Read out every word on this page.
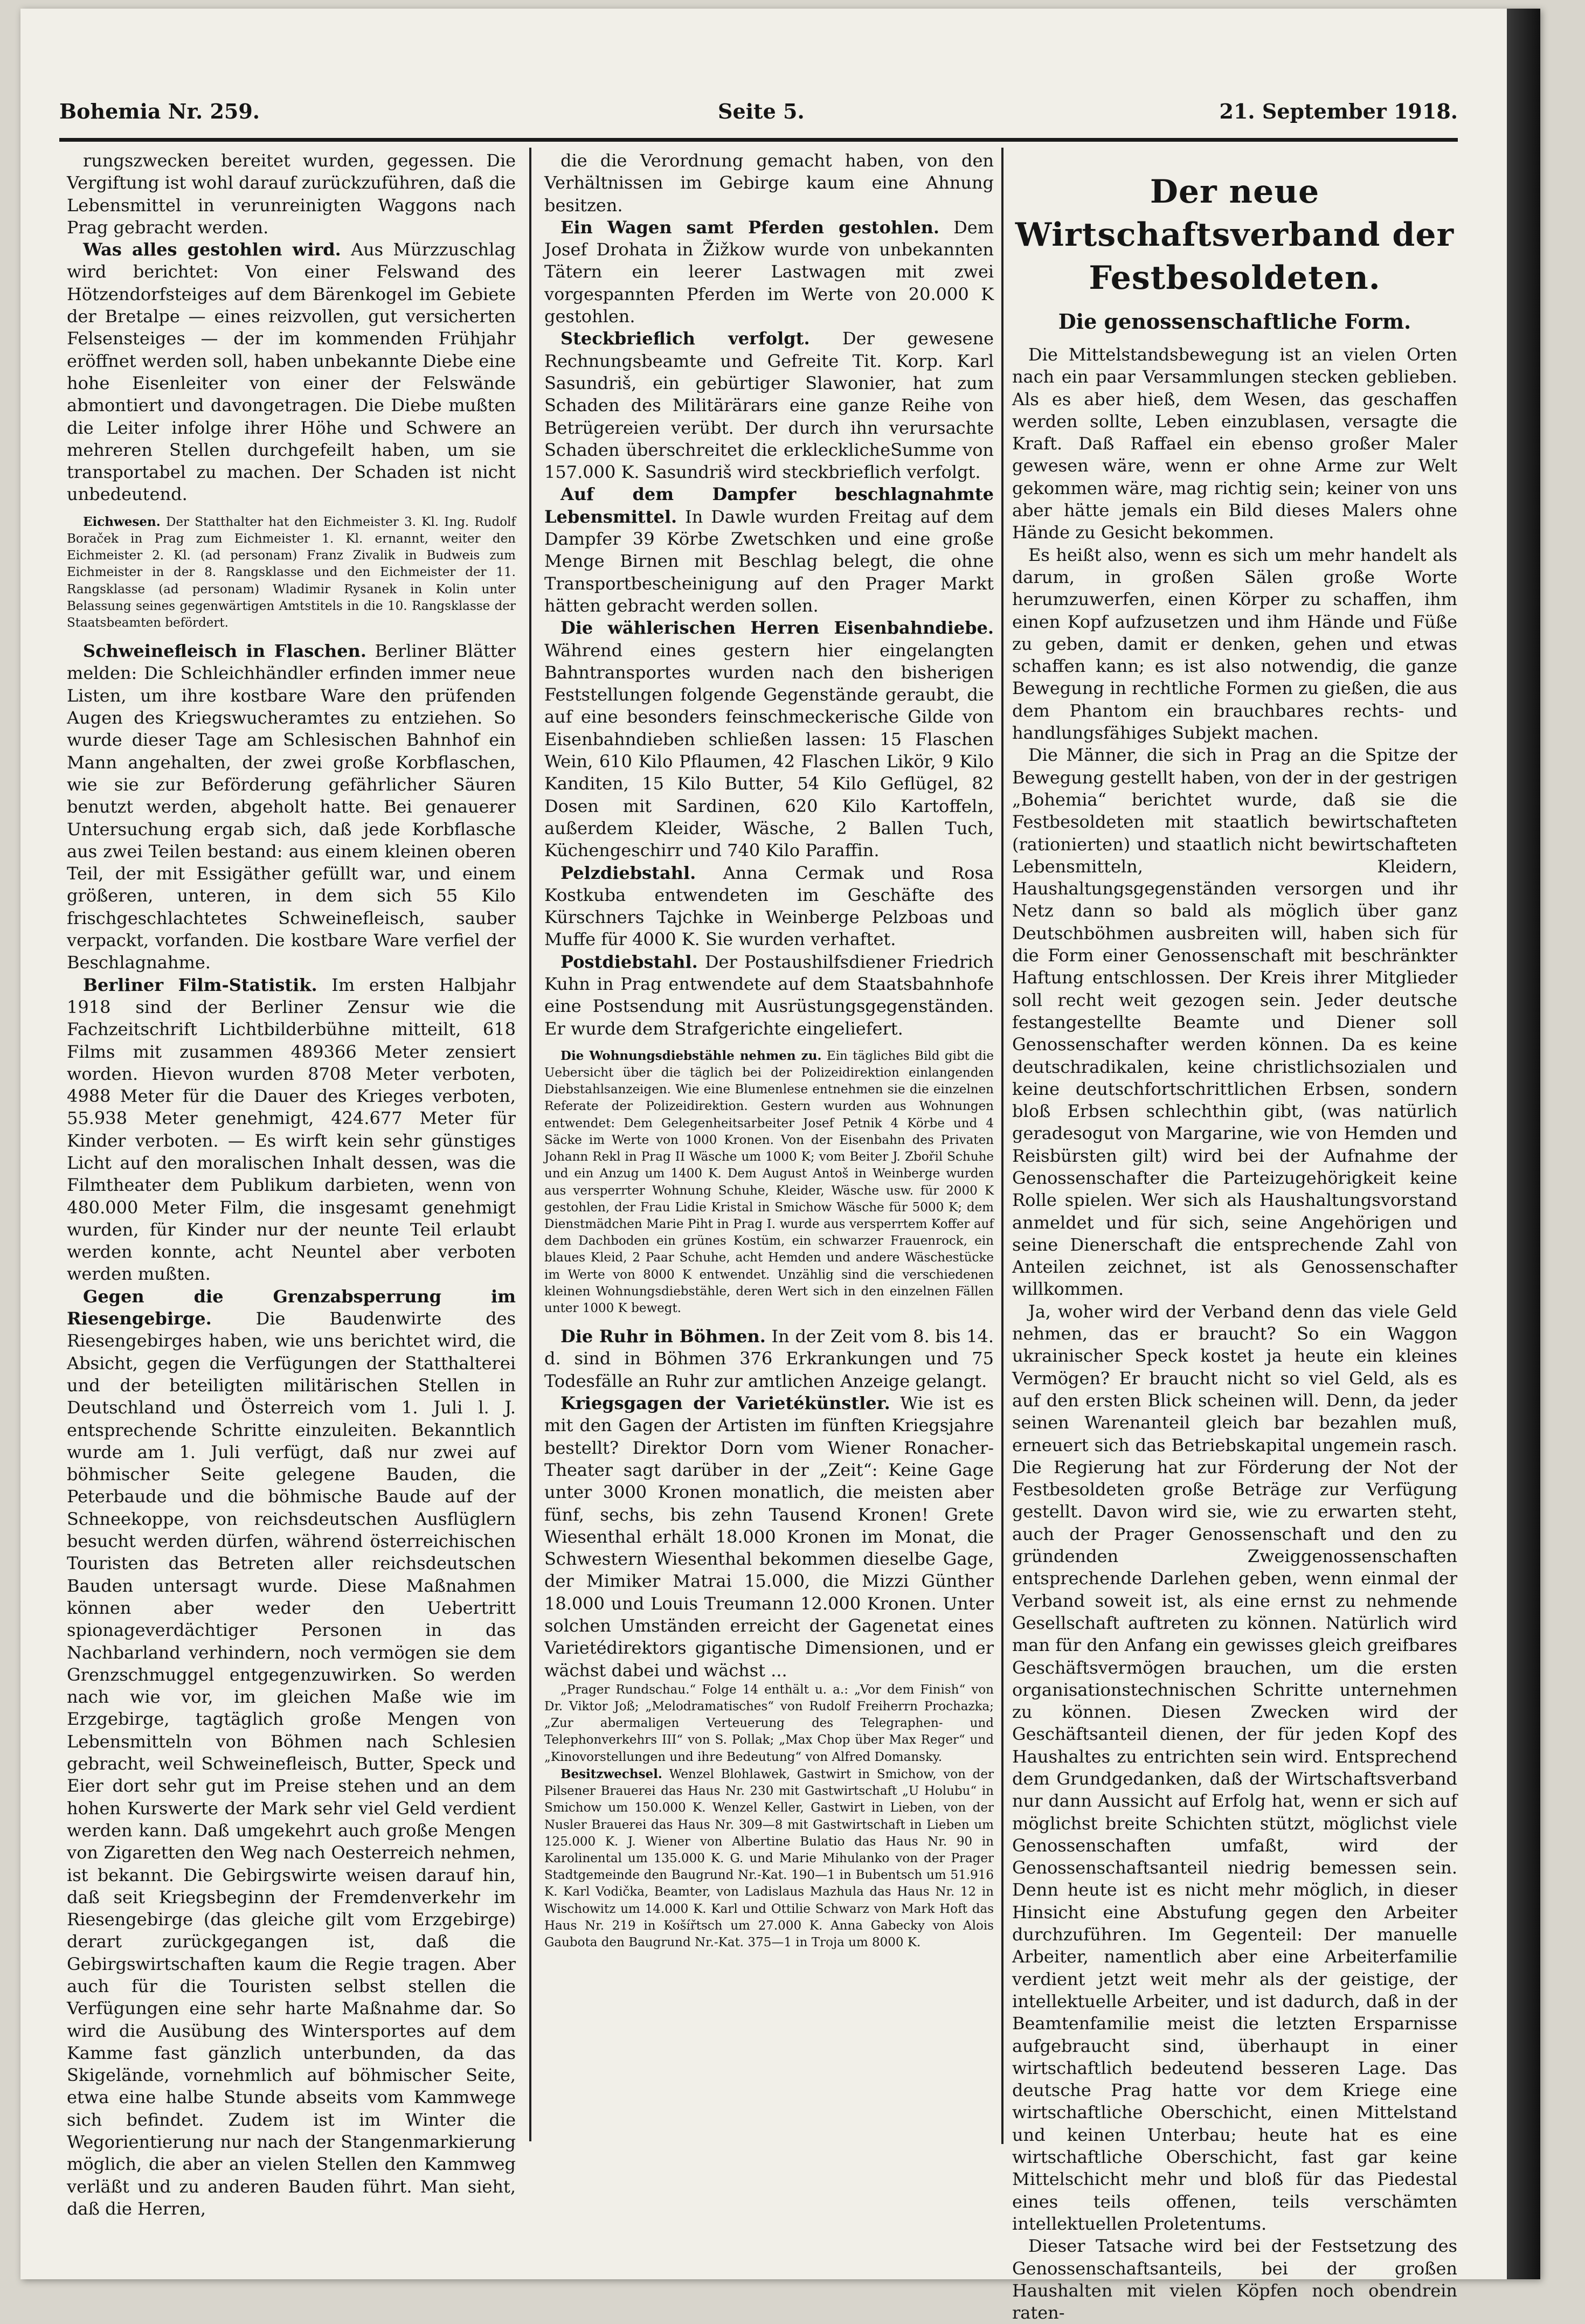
Bohemia Nr. 259.	Seite 5.	21. September 1918.

rungszwecken bereitet wurden, gegessen. Die Vergiftung ist wohl darauf zurückzuführen, daß die Lebensmittel in verunreinigten Waggons nach Prag gebracht werden.

Was alles gestohlen wird. Aus Mürzzuschlag wird berichtet: Von einer Felswand des Hötzendorfsteiges auf dem Bärenkogel im Gebiete der Bretalpe — eines reizvollen, gut versicherten Felsensteiges — der im kommenden Frühjahr eröffnet werden soll, haben unbekannte Diebe eine hohe Eisenleiter von einer der Felswände abmontiert und davongetragen. Die Diebe mußten die Leiter infolge ihrer Höhe und Schwere an mehreren Stellen durchgefeilt haben, um sie transportabel zu machen. Der Schaden ist nicht unbedeutend.

Eichwesen. Der Statthalter hat den Eichmeister 3. Kl. Ing. Rudolf Boraček in Prag zum Eichmeister 1. Kl. ernannt, weiter den Eichmeister 2. Kl. (ad personam) Franz Zivalik in Budweis zum Eichmeister in der 8. Rangsklasse und den Eichmeister der 11. Rangsklasse (ad personam) Wladimir Rysanek in Kolin unter Belassung seines gegenwärtigen Amtstitels in die 10. Rangsklasse der Staatsbeamten befördert.

Schweinefleisch in Flaschen. Berliner Blätter melden: Die Schleichhändler erfinden immer neue Listen, um ihre kostbare Ware den prüfenden Augen des Kriegswucheramtes zu entziehen. So wurde dieser Tage am Schlesischen Bahnhof ein Mann angehalten, der zwei große Korbflaschen, wie sie zur Beförderung gefährlicher Säuren benutzt werden, abgeholt hatte. Bei genauerer Untersuchung ergab sich, daß jede Korbflasche aus zwei Teilen bestand: aus einem kleinen oberen Teil, der mit Essigäther gefüllt war, und einem größeren, unteren, in dem sich 55 Kilo frischgeschlachtetes Schweinefleisch, sauber verpackt, vorfanden. Die kostbare Ware verfiel der Beschlagnahme.

Berliner Film-Statistik. Im ersten Halbjahr 1918 sind der Berliner Zensur wie die Fachzeitschrift Lichtbilderbühne mitteilt, 618 Films mit zusammen 489366 Meter zensiert worden. Hievon wurden 8708 Meter verboten, 4988 Meter für die Dauer des Krieges verboten, 55.938 Meter genehmigt, 424.677 Meter für Kinder verboten. — Es wirft kein sehr günstiges Licht auf den moralischen Inhalt dessen, was die Filmtheater dem Publikum darbieten, wenn von 480.000 Meter Film, die insgesamt genehmigt wurden, für Kinder nur der neunte Teil erlaubt werden konnte, acht Neuntel aber verboten werden mußten.

Gegen die Grenzabsperrung im Riesengebirge.	Die Baudenwirte des Riesengebirges haben, wie uns berichtet wird, die Absicht, gegen die Verfügungen der Statthalterei und der beteiligten militärischen Stellen in Deutschland und Österreich vom 1. Juli l. J. entsprechende Schritte einzuleiten. Bekanntlich wurde am 1. Juli verfügt, daß nur zwei auf böhmischer Seite gelegene Bauden, die Peterbaude und die böhmische Baude auf der Schneekoppe, von reichsdeutschen Ausflüglern besucht werden dürfen, während österreichischen Touristen das Betreten aller reichsdeutschen Bauden untersagt wurde. Diese Maßnahmen können aber weder den Uebertritt spionageverdächtiger Personen in das Nachbarland verhindern, noch vermögen sie dem Grenzschmuggel entgegenzuwirken. So werden nach wie vor, im gleichen Maße wie im Erzgebirge, tagtäglich große Mengen von Lebensmitteln von Böhmen nach Schlesien gebracht, weil Schweinefleisch, Butter, Speck und Eier dort sehr gut im Preise stehen und an dem hohen Kurswerte der Mark sehr viel Geld verdient werden kann. Daß umgekehrt auch große Mengen von Zigaretten den Weg nach Oesterreich nehmen, ist bekannt. Die Gebirgswirte weisen darauf hin, daß seit Kriegsbeginn der Fremdenverkehr im Riesengebirge (das gleiche gilt vom Erzgebirge) derart zurückgegangen ist, daß die Gebirgswirtschaften kaum die Regie tragen. Aber auch für die Touristen selbst stellen die Verfügungen eine sehr harte Maßnahme dar. So wird die Ausübung des Wintersportes auf dem Kamme fast gänzlich unterbunden, da das Skigelände, vornehmlich auf böhmischer Seite, etwa eine halbe Stunde abseits vom Kammwege sich befindet. Zudem ist im Winter die Wegorientierung nur nach der Stangenmarkierung möglich, die aber an vielen Stellen den Kammweg verläßt und zu anderen Bauden führt. Man sieht, daß die Herren,

die die Verordnung gemacht haben, von den Verhältnissen im Gebirge kaum eine Ahnung besitzen.

Ein Wagen samt Pferden gestohlen. Dem Josef Drohata in Žižkow wurde von unbekannten Tätern ein leerer Lastwagen mit zwei vorgespannten Pferden im Werte von 20.000 K gestohlen.

Steckbrieflich verfolgt. Der gewesene Rechnungsbeamte und Gefreite Tit. Korp. Karl Sasundriš, ein gebürtiger Slawonier, hat zum Schaden des Militärärars eine ganze Reihe von Betrügereien verübt. Der durch ihn verursachte Schaden überschreitet die erklecklicheSumme von 157.000 K. Sasundriš wird steckbrieflich verfolgt.

Auf dem Dampfer beschlagnahmte Lebensmittel. In Dawle wurden Freitag auf dem Dampfer 39 Körbe Zwetschken und eine große Menge Birnen mit Beschlag belegt, die ohne Transportbescheinigung auf den Prager Markt hätten gebracht werden sollen.

Die wählerischen Herren Eisenbahndiebe. Während eines gestern hier eingelangten Bahntransportes wurden nach den bisherigen Feststellungen folgende Gegenstände geraubt, die auf eine besonders feinschmeckerische Gilde von Eisenbahndieben schließen lassen: 15 Flaschen Wein, 610 Kilo Pflaumen, 42 Flaschen Likör, 9 Kilo Kanditen, 15 Kilo Butter, 54 Kilo Geflügel, 82 Dosen mit Sardinen, 620 Kilo Kartoffeln, außerdem Kleider, Wäsche, 2 Ballen Tuch, Küchengeschirr und 740 Kilo Paraffin.

Pelzdiebstahl. Anna Cermak und Rosa Kostkuba entwendeten im Geschäfte des Kürschners Tajchke in Weinberge Pelzboas und Muffe für 4000 K. Sie wurden verhaftet.

Postdiebstahl. Der Postaushilfsdiener Friedrich Kuhn in Prag entwendete auf dem Staatsbahnhofe eine Postsendung mit Ausrüstungsgegenständen. Er wurde dem Strafgerichte eingeliefert.

Die Wohnungsdiebstähle nehmen zu. Ein tägliches Bild gibt die Uebersicht über die täglich bei der Polizeidirektion einlangenden Diebstahlsanzeigen. Wie eine Blumenlese entnehmen sie die einzelnen Referate der Polizeidirektion. Gestern wurden aus Wohnungen entwendet: Dem Gelegenheitsarbeiter Josef Petnik 4 Körbe und 4 Säcke im Werte von 1000 Kronen. Von der Eisenbahn des Privaten Johann Rekl in Prag II Wäsche um 1000 K; vom Beiter J. Zbořil Schuhe und ein Anzug um 1400 K. Dem August Antoš in Weinberge wurden aus versperrter Wohnung Schuhe, Kleider, Wäsche usw. für 2000 K gestohlen, der Frau Lidie Kristal in Smichow Wäsche für 5000 K; dem Dienstmädchen Marie Piht in Prag I. wurde aus versperrtem Koffer auf dem Dachboden ein grünes Kostüm, ein schwarzer Frauenrock, ein blaues Kleid, 2 Paar Schuhe, acht Hemden und andere Wäschestücke im Werte von 8000 K entwendet. Unzählig sind die verschiedenen kleinen Wohnungsdiebstähle, deren Wert sich in den einzelnen Fällen unter 1000 K bewegt.

Die Ruhr in Böhmen. In der Zeit vom 8. bis 14. d. sind in Böhmen 376 Erkrankungen und 75 Todesfälle an Ruhr zur amtlichen Anzeige gelangt.

Kriegsgagen der Varietékünstler. Wie ist es mit den Gagen der Artisten im fünften Kriegsjahre bestellt? Direktor Dorn vom Wiener Ronacher-Theater sagt darüber in der „Zeit“: Keine Gage unter 3000 Kronen monatlich, die meisten aber fünf, sechs, bis zehn Tausend Kronen! Grete Wiesenthal erhält 18.000 Kronen im Monat, die Schwestern Wiesenthal bekommen dieselbe Gage, der Mimiker Matrai 15.000, die Mizzi Günther 18.000 und Louis Treumann 12.000 Kronen. Unter solchen Umständen erreicht der Gagenetat eines Varietédirektors gigantische Dimensionen, und er wächst dabei und wächst ...

„Prager Rundschau.“ Folge 14 enthält u. a.: „Vor dem Finish“ von Dr. Viktor Joß; „Melodramatisches“ von Rudolf Freiherrn Prochazka; „Zur abermaligen Verteuerung des Telegraphen- und Telephonverkehrs III“ von S. Pollak; „Max Chop über Max Reger“ und „Kinovorstellungen und ihre Bedeutung“ von Alfred Domansky.

Besitzwechsel. Wenzel Blohlawek, Gastwirt in Smichow, von der Pilsener Brauerei das Haus Nr. 230 mit Gastwirtschaft „U Holubu“ in Smichow um 150.000 K. Wenzel Keller, Gastwirt in Lieben, von der Nusler Brauerei das Haus Nr. 309—8 mit Gastwirtschaft in Lieben um 125.000 K. J. Wiener von Albertine Bulatio das Haus Nr. 90 in Karolinental um 135.000 K. G. und Marie Mihulanko von der Prager Stadtgemeinde den Baugrund Nr.-Kat. 190—1 in Bubentsch um 51.916 K. Karl Vodička, Beamter, von Ladislaus Mazhula das Haus Nr. 12 in Wischowitz um 14.000 K. Karl und Ottilie Schwarz von Mark Hoft das Haus Nr. 219 in Košířtsch um 27.000 K. Anna Gabecky von Alois Gaubota den Baugrund Nr.-Kat. 375—1 in Troja um 8000 K.

Der neue Wirtschaftsverband der Festbesoldeten.
Die genossenschaftliche Form.

Die Mittelstandsbewegung ist an vielen Orten nach ein paar Versammlungen stecken geblieben. Als es aber hieß, dem Wesen, das geschaffen werden sollte, Leben einzublasen, versagte die Kraft. Daß Raffael ein ebenso großer Maler gewesen wäre, wenn er ohne Arme zur Welt gekommen wäre, mag richtig sein; keiner von uns aber hätte jemals ein Bild dieses Malers ohne Hände zu Gesicht bekommen.

Es heißt also, wenn es sich um mehr handelt als darum, in großen Sälen große Worte herumzuwerfen, einen Körper zu schaffen, ihm einen Kopf aufzusetzen und ihm Hände und Füße zu geben, damit er denken, gehen und etwas schaffen kann; es ist also notwendig, die ganze Bewegung in rechtliche Formen zu gießen, die aus dem Phantom ein brauchbares rechts- und handlungsfähiges Subjekt machen.

Die Männer, die sich in Prag an die Spitze der Bewegung gestellt haben, von der in der gestrigen „Bohemia“ berichtet wurde, daß sie die Festbesoldeten mit staatlich bewirtschafteten (rationierten) und staatlich nicht bewirtschafteten Lebensmitteln, Kleidern, Haushaltungsgegenständen versorgen und ihr Netz dann so bald als möglich über ganz Deutschböhmen ausbreiten will, haben sich für die Form einer Genossenschaft mit beschränkter Haftung entschlossen. Der Kreis ihrer Mitglieder soll recht weit gezogen sein. Jeder deutsche festangestellte Beamte und Diener soll Genossenschafter werden können. Da es keine deutschradikalen, keine christlichsozialen und keine deutschfortschrittlichen Erbsen, sondern bloß Erbsen schlechthin gibt, (was natürlich geradesogut von Margarine, wie von Hemden und Reisbürsten gilt) wird bei der Aufnahme der Genossenschafter die Parteizugehörigkeit keine Rolle spielen. Wer sich als Haushaltungsvorstand anmeldet und für sich, seine Angehörigen und seine Dienerschaft die entsprechende Zahl von Anteilen zeichnet, ist als Genossenschafter willkommen.

Ja, woher wird der Verband denn das viele Geld nehmen, das er braucht? So ein Waggon ukrainischer Speck kostet ja heute ein kleines Vermögen? Er braucht nicht so viel Geld, als es auf den ersten Blick scheinen will. Denn, da jeder seinen Warenanteil gleich bar bezahlen muß, erneuert sich das Betriebskapital ungemein rasch. Die Regierung hat zur Förderung der Not der Festbesoldeten große Beträge zur Verfügung gestellt. Davon wird sie, wie zu erwarten steht, auch der Prager Genossenschaft und den zu gründenden Zweiggenossenschaften entsprechende Darlehen geben, wenn einmal der Verband soweit ist, als eine ernst zu nehmende Gesellschaft auftreten zu können. Natürlich wird man für den Anfang ein gewisses gleich greifbares Geschäftsvermögen brauchen, um die ersten organisationstechnischen Schritte unternehmen zu können. Diesen Zwecken wird der Geschäftsanteil dienen, der für jeden Kopf des Haushaltes zu entrichten sein wird. Entsprechend dem Grundgedanken, daß der Wirtschaftsverband nur dann Aussicht auf Erfolg hat, wenn er sich auf möglichst breite Schichten stützt, möglichst viele Genossenschaften umfaßt, wird der Genossenschaftsanteil niedrig bemessen sein. Denn heute ist es nicht mehr möglich, in dieser Hinsicht eine Abstufung gegen den Arbeiter durchzuführen. Im Gegenteil: Der manuelle Arbeiter, namentlich aber eine Arbeiterfamilie verdient jetzt weit mehr als der geistige, der intellektuelle Arbeiter, und ist dadurch, daß in der Beamtenfamilie meist die letzten Ersparnisse aufgebraucht sind, überhaupt in einer wirtschaftlich bedeutend besseren Lage. Das deutsche Prag hatte vor dem Kriege eine wirtschaftliche Oberschicht, einen Mittelstand und keinen Unterbau; heute hat es eine wirtschaftliche Oberschicht, fast gar keine Mittelschicht mehr und bloß für das Piedestal eines teils offenen, teils verschämten intellektuellen Proletentums.

Dieser Tatsache wird bei der Festsetzung des Genossenschaftsanteils, bei der großen Haushalten mit vielen Köpfen noch obendrein raten-
